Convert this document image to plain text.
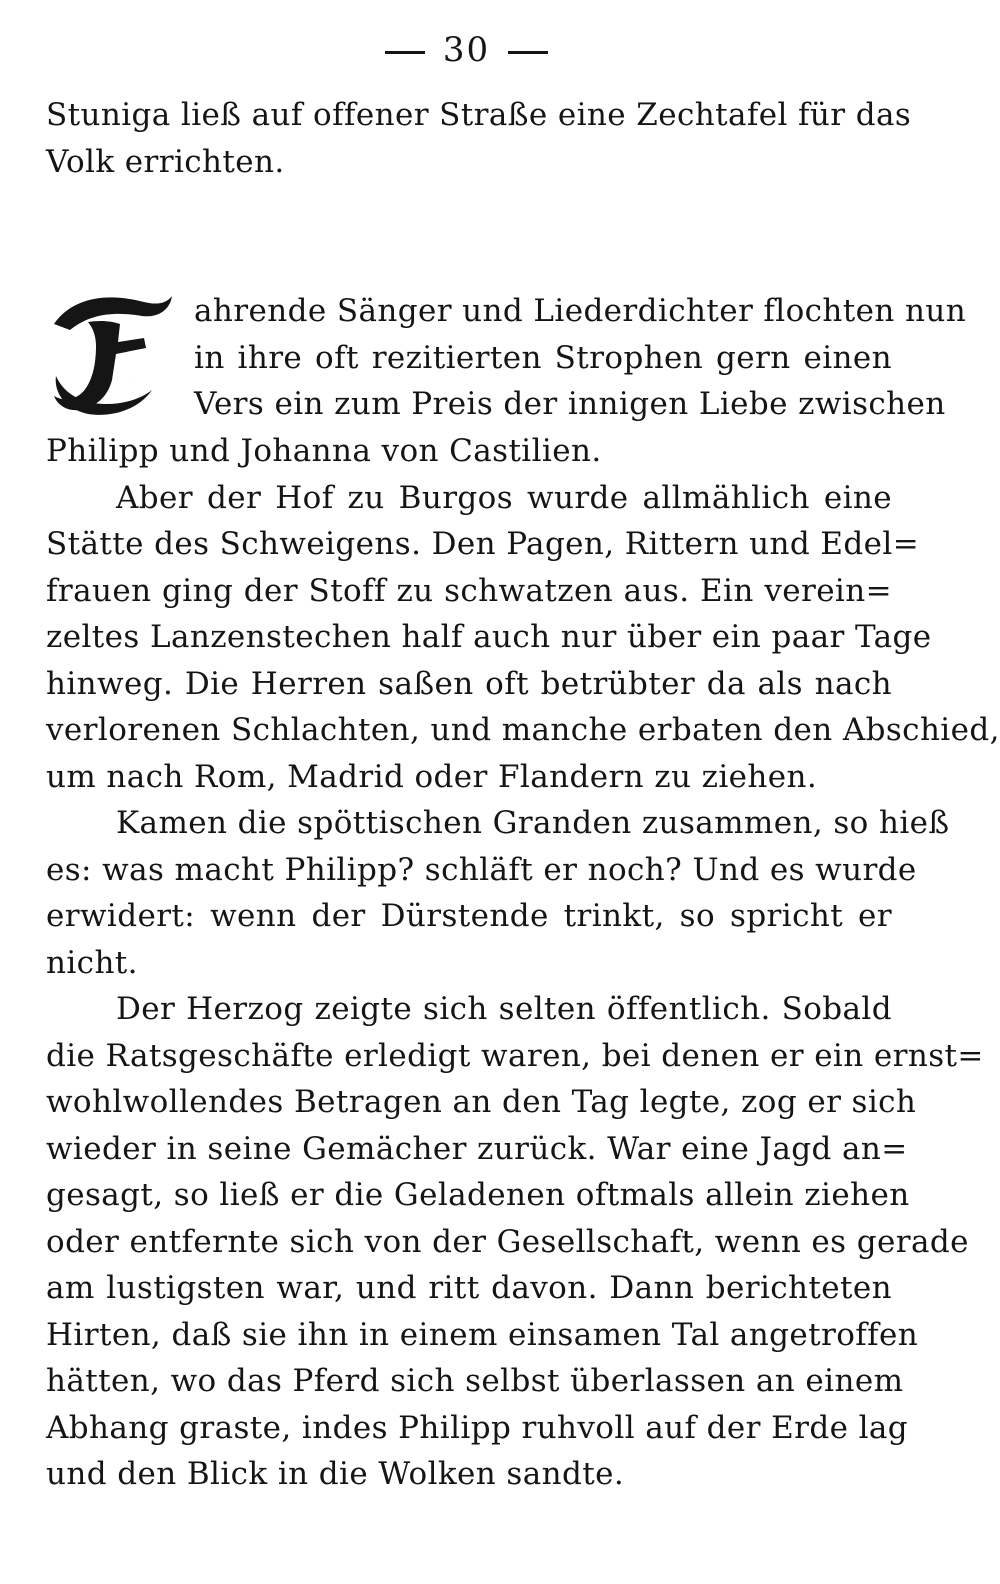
30
Stuniga ließ auf offener Straße eine Zechtafel für das
Volk errichten.
F
ahrende Sänger und Liederdichter flochten nun
in ihre oft rezitierten Strophen gern einen
Vers ein zum Preis der innigen Liebe zwischen
Philipp und Johanna von Castilien.
Aber der Hof zu Burgos wurde allmählich eine
Stätte des Schweigens. Den Pagen, Rittern und Edel=
frauen ging der Stoff zu schwatzen aus. Ein verein=
zeltes Lanzenstechen half auch nur über ein paar Tage
hinweg. Die Herren saßen oft betrübter da als nach
verlorenen Schlachten, und manche erbaten den Abschied,
um nach Rom, Madrid oder Flandern zu ziehen.
Kamen die spöttischen Granden zusammen, so hieß
es: was macht Philipp? schläft er noch? Und es wurde
erwidert: wenn der Dürstende trinkt, so spricht er
nicht.
Der Herzog zeigte sich selten öffentlich. Sobald
die Ratsgeschäfte erledigt waren, bei denen er ein ernst=
wohlwollendes Betragen an den Tag legte, zog er sich
wieder in seine Gemächer zurück. War eine Jagd an=
gesagt, so ließ er die Geladenen oftmals allein ziehen
oder entfernte sich von der Gesellschaft, wenn es gerade
am lustigsten war, und ritt davon. Dann berichteten
Hirten, daß sie ihn in einem einsamen Tal angetroffen
hätten, wo das Pferd sich selbst überlassen an einem
Abhang graste, indes Philipp ruhvoll auf der Erde lag
und den Blick in die Wolken sandte.
